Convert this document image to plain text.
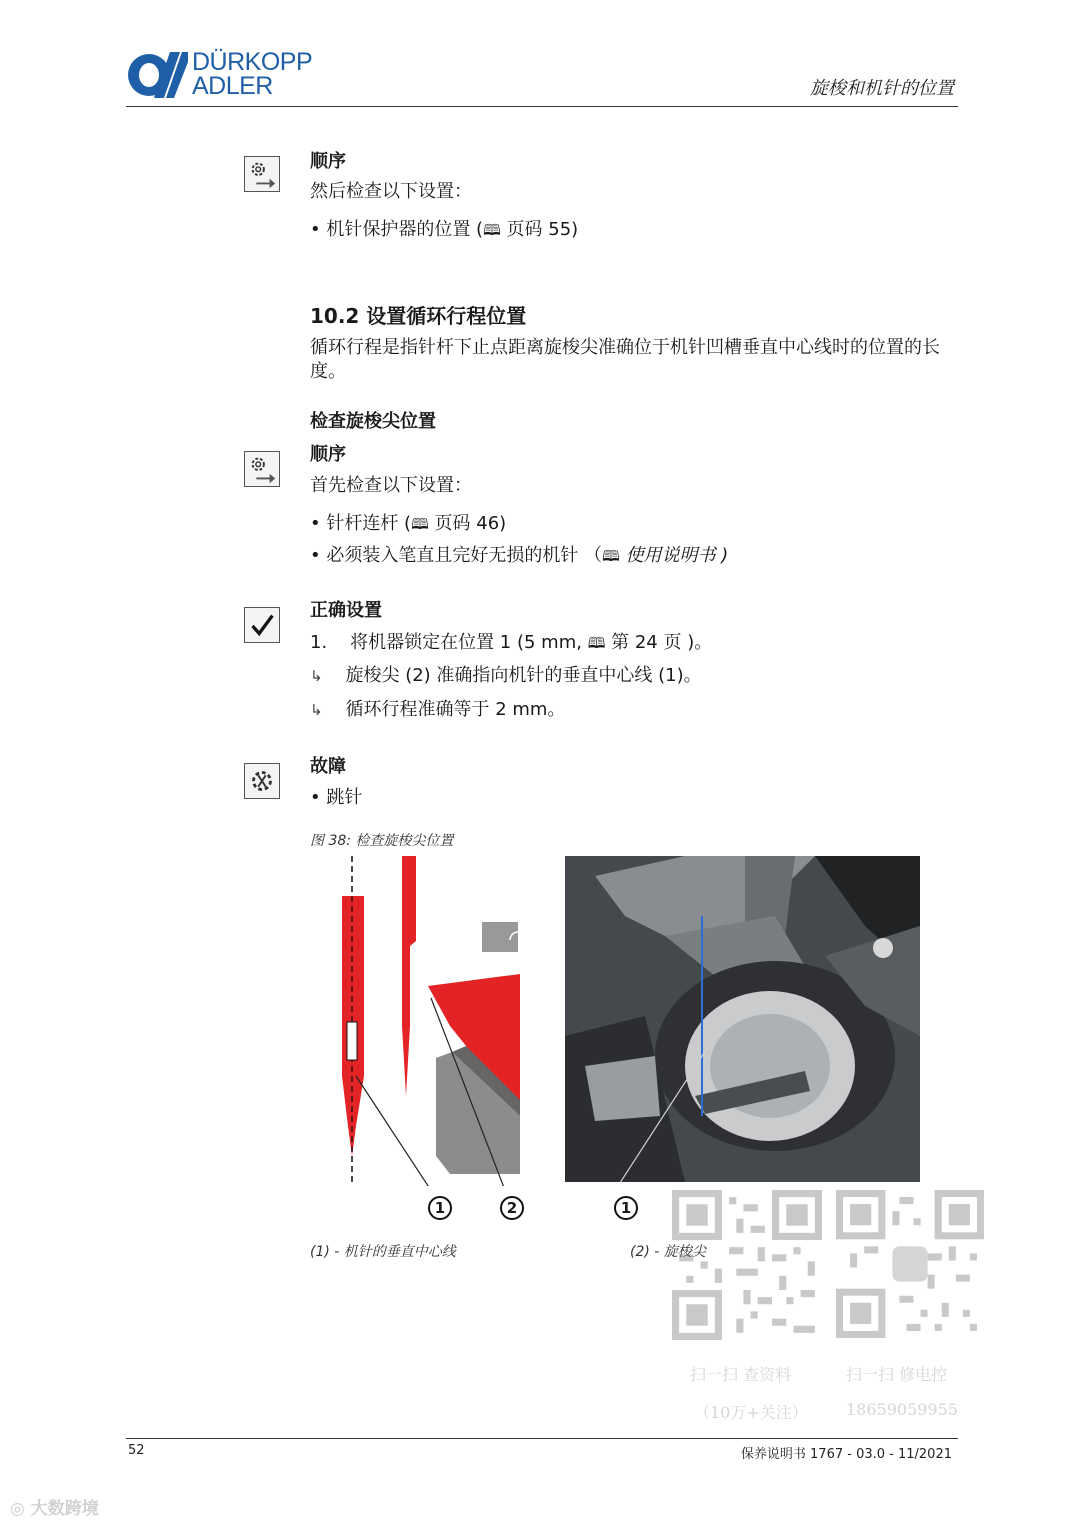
DÜRKOPP
ADLER	旋梭和机针的位置
顺序
然后检查以下设置：
• 机针保护器的位置 (🕮 页码 55)
10.2 设置循环行程位置
循环行程是指针杆下止点距离旋梭尖准确位于机针凹槽垂直中心线时的位置的长度。
检查旋梭尖位置
顺序
首先检查以下设置：
• 针杆连杆 (🕮 页码 46)
• 必须装入笔直且完好无损的机针 （🕮 使用说明书 )
正确设置
1. 将机器锁定在位置 1 (5 mm, 🕮 第 24 页 )。
↳ 旋梭尖 (2) 准确指向机针的垂直中心线 (1)。
↳ 循环行程准确等于 2 mm。
故障
• 跳针
图 38: 检查旋梭尖位置
1	2	1
(1) - 机针的垂直中心线	(2) - 旋梭尖
扫一扫 查资料
（10万+关注）
扫一扫 修电控
18659059955
52	保养说明书 1767 - 03.0 - 11/2021
◎ 大数跨境
